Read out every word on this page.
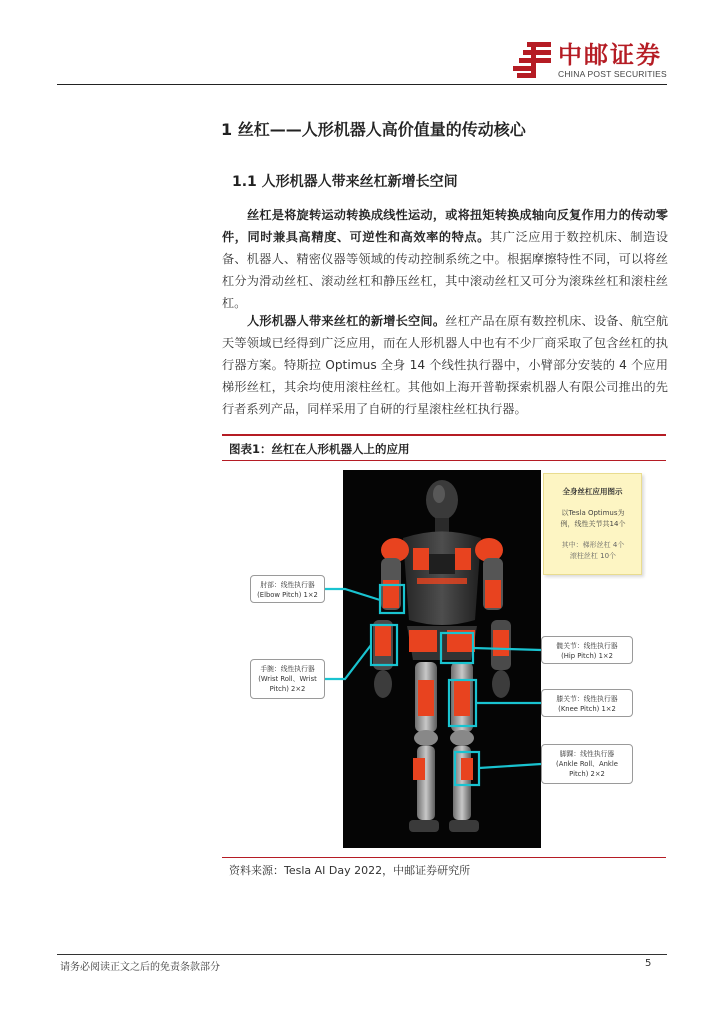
中邮证券
CHINA POST SECURITIES
1 丝杠——人形机器人高价值量的传动核心
1.1 人形机器人带来丝杠新增长空间
丝杠是将旋转运动转换成线性运动，或将扭矩转换成轴向反复作用力的传动零件，同时兼具高精度、可逆性和高效率的特点。其广泛应用于数控机床、制造设备、机器人、精密仪器等领域的传动控制系统之中。根据摩擦特性不同，可以将丝杠分为滑动丝杠、滚动丝杠和静压丝杠，其中滚动丝杠又可分为滚珠丝杠和滚柱丝杠。
人形机器人带来丝杠的新增长空间。丝杠产品在原有数控机床、设备、航空航天等领域已经得到广泛应用，而在人形机器人中也有不少厂商采取了包含丝杠的执行器方案。特斯拉 Optimus 全身 14 个线性执行器中，小臂部分安装的 4 个应用梯形丝杠，其余均使用滚柱丝杠。其他如上海开普勒探索机器人有限公司推出的先行者系列产品，同样采用了自研的行星滚柱丝杠执行器。
图表1：丝杠在人形机器人上的应用
全身丝杠应用图示
以Tesla Optimus为
例，线性关节共14个
其中：梯形丝杠 4个
滚柱丝杠 10个
肘部：线性执行器
(Elbow Pitch) 1×2
手腕：线性执行器
(Wrist Roll、Wrist
Pitch) 2×2
髋关节：线性执行器
(Hip Pitch) 1×2
膝关节：线性执行器
(Knee Pitch) 1×2
脚踝：线性执行器
(Ankle Roll、Ankle
Pitch) 2×2
资料来源：Tesla AI Day 2022，中邮证券研究所
请务必阅读正文之后的免责条款部分	5
